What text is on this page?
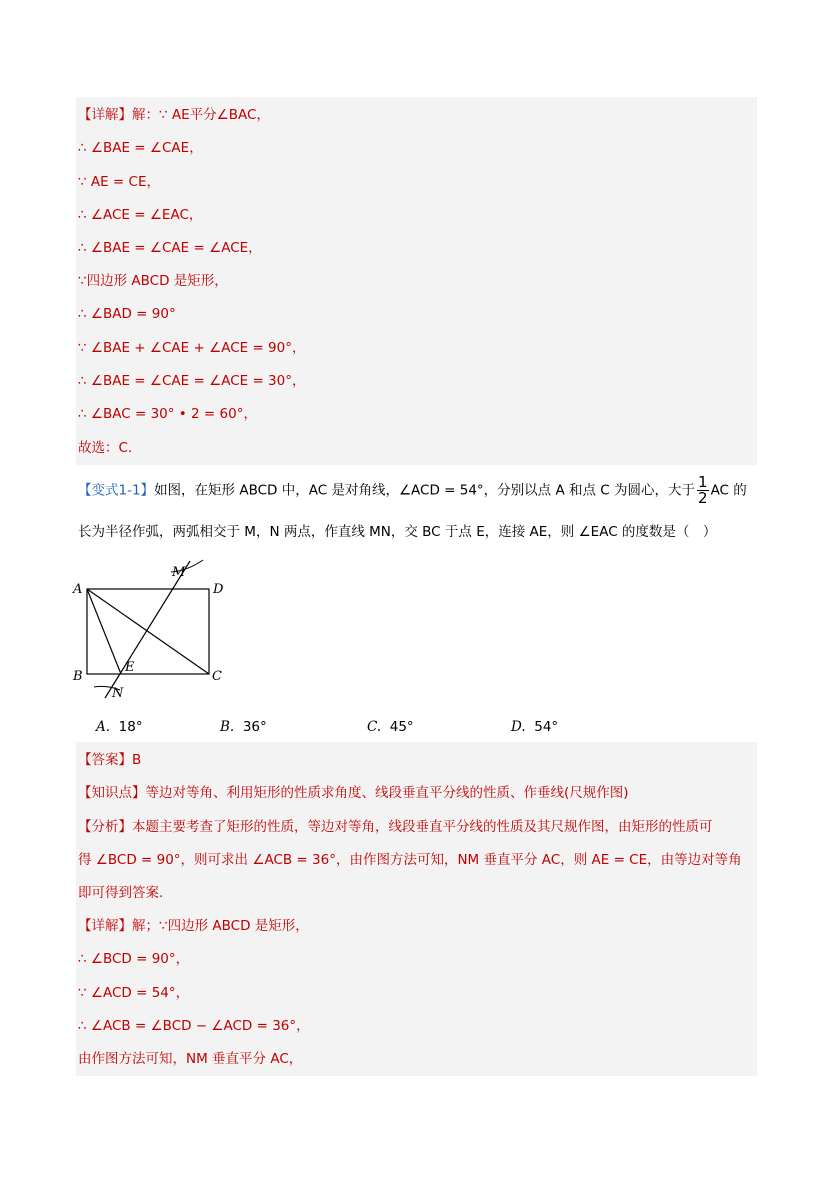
【详解】解：∵ AE平分∠BAC，
∴ ∠BAE = ∠CAE，
∵ AE = CE，
∴ ∠ACE = ∠EAC，
∴ ∠BAE = ∠CAE = ∠ACE，
∵四边形 ABCD 是矩形，
∴ ∠BAD = 90°
∵ ∠BAE + ∠CAE + ∠ACE = 90°，
∴ ∠BAE = ∠CAE = ∠ACE = 30°，
∴ ∠BAC = 30° • 2 = 60°，
故选：C.
【变式1-1】如图，在矩形 ABCD 中，AC 是对角线，∠ACD = 54°，分别以点 A 和点 C 为圆心，大于 $\frac{1}{2}$ AC 的
长为半径作弧，两弧相交于 M，N 两点，作直线 MN，交 BC 于点 E，连接 AE，则 ∠EAC 的度数是（　）
A	D
B	C
E
M
N
A. 18°	B. 36°	C. 45°	D. 54°
【答案】B
【知识点】等边对等角、利用矩形的性质求角度、线段垂直平分线的性质、作垂线(尺规作图)
【分析】本题主要考查了矩形的性质，等边对等角，线段垂直平分线的性质及其尺规作图，由矩形的性质可
得 ∠BCD = 90°，则可求出 ∠ACB = 36°，由作图方法可知，NM 垂直平分 AC，则 AE = CE，由等边对等角
即可得到答案.
【详解】解；∵四边形 ABCD 是矩形，
∴ ∠BCD = 90°，
∵ ∠ACD = 54°，
∴ ∠ACB = ∠BCD − ∠ACD = 36°，
由作图方法可知，NM 垂直平分 AC，
